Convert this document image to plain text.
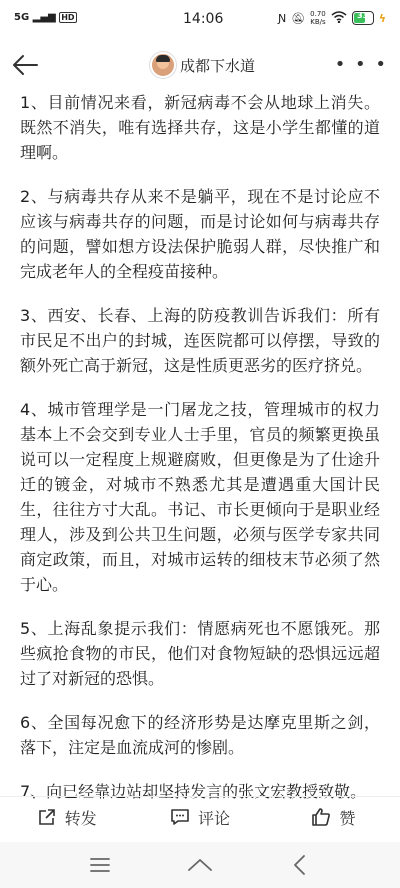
5G ▂▄▆ HD	14:06	Ɲ 🔕︎ 0.70
KB/s
33 ϟ
成都下水道	• • •

1、目前情况来看，新冠病毒不会从地球上消失。既然不消失，唯有选择共存，这是小学生都懂的道理啊。

2、与病毒共存从来不是躺平，现在不是讨论应不应该与病毒共存的问题，而是讨论如何与病毒共存的问题，譬如想方设法保护脆弱人群，尽快推广和完成老年人的全程疫苗接种。

3、西安、长春、上海的防疫教训告诉我们：所有市民足不出户的封城，连医院都可以停摆，导致的额外死亡高于新冠，这是性质更恶劣的医疗挤兑。

4、城市管理学是一门屠龙之技，管理城市的权力基本上不会交到专业人士手里，官员的频繁更换虽说可以一定程度上规避腐败，但更像是为了仕途升迁的镀金，对城市不熟悉尤其是遭遇重大国计民生，往往方寸大乱。书记、市长更倾向于是职业经理人，涉及到公共卫生问题，必须与医学专家共同商定政策，而且，对城市运转的细枝末节必须了然于心。

5、上海乱象提示我们：情愿病死也不愿饿死。那些疯抢食物的市民，他们对食物短缺的恐惧远远超过了对新冠的恐惧。

6、全国每况愈下的经济形势是达摩克里斯之剑，落下，注定是血流成河的惨剧。

7、向已经靠边站却坚持发言的张文宏教授致敬。

转发	评论	赞
